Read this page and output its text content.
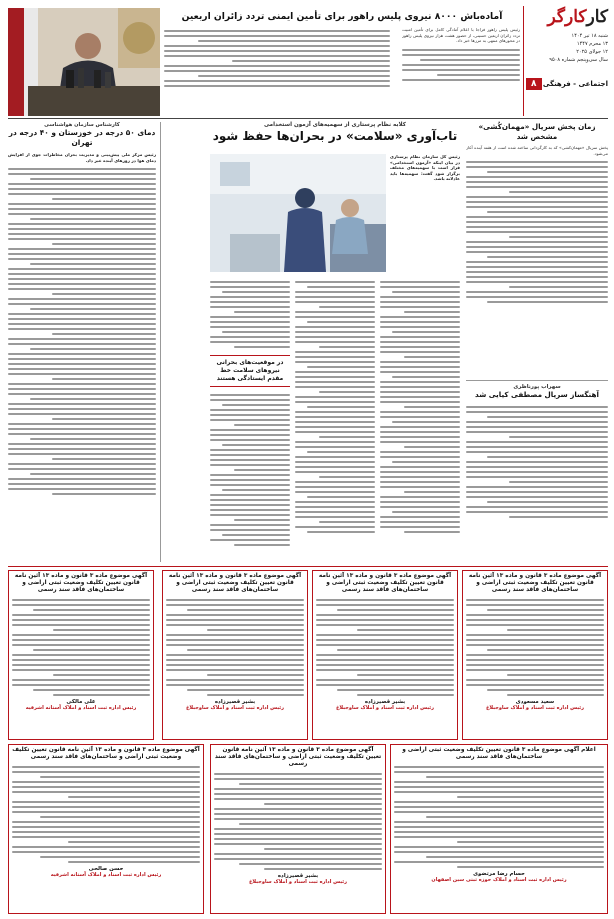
کارکارگر
شنبه ۱۸ تیر ۱۴۰۴
۱۳ محرم ۱۴۴۷
۱۲ جولای ۲۰۲۵
سال سی‌و‌پنجم شماره ۹۵۰۸
اجتماعی - فرهنگی
۸
آماده‌باش ۸۰۰۰ نیروی پلیس راهور برای تأمین ایمنی تردد زائران اربعین
رئیس پلیس راهور فراجا با اعلام آمادگی کامل برای تأمین امنیت تردد زائران اربعین حسینی، از حضور هشت هزار نیروی پلیس راهور در محورهای منتهی به مرزها خبر داد.
زمان پخش سریال «مهمان‌کُشی» مشخص شد
پخش سریال «مهمان‌کشی» که به کارگردانی ساخته شده است از هفته آینده آغاز می‌شود.
سهراب پورناظری
آهنگساز سریال مصطفی کیایی شد
کلابه نظام پرستاری از سهمیه‌های آزمون استخدامی
تاب‌آوری «سلامت» در بحران‌ها حفظ شود
رئیس کل سازمان نظام پرستاری در بیان اینکه «آزمون استخدامی» قرار است با سهمیه‌های مختلف برگزار شود گفت: سهمیه‌ها باید عادلانه باشد.
در موقعیت‌های بحرانی نیروهای سلامت خط مقدم ایستادگی هستند
کارشناس سازمان هواشناسی
دمای ۵۰ درجه در خوزستان و ۴۰ درجه در تهران
رئیس مرکز ملی پیش‌بینی و مدیریت بحران مخاطرات جوی از افزایش دمای هوا در روزهای آینده خبر داد.
آگهی موضوع ماده ۳ قانون و ماده ۱۳ آئین نامه قانون تعیین تکلیف وضعیت ثبتی اراضی و ساختمان‌های فاقد سند رسمی
سعید مسعودی
رئیس اداره ثبت اسناد و املاک ساوجبلاغ
آگهی موضوع ماده ۳ قانون و ماده ۱۳ آئین نامه قانون تعیین تکلیف وضعیت ثبتی اراضی و ساختمان‌های فاقد سند رسمی
بشیر قصیرزاده
رئیس اداره ثبت اسناد و املاک ساوجبلاغ
آگهی موضوع ماده ۳ قانون و ماده ۱۳ آئین نامه قانون تعیین تکلیف وضعیت ثبتی اراضی و ساختمان‌های فاقد سند رسمی
بشیر قصیرزاده
رئیس اداره ثبت اسناد و املاک ساوجبلاغ
آگهی موضوع ماده ۳ قانون و ماده ۱۳ آئین نامه قانون تعیین تکلیف وضعیت ثبتی اراضی و ساختمان‌های فاقد سند رسمی
علی مالکی
رئیس اداره ثبت اسناد و املاک آستانه اشرفیه
اعلام آگهی موضوع ماده ۳ قانون تعیین تکلیف وضعیت ثبتی اراضی و ساختمان‌های فاقد سند رسمی
حسام رضا مرتضوی
رئیس اداره ثبت اسناد و املاک حوزه ثبتی سین اصفهان
آگهی موضوع ماده ۳ قانون و ماده ۱۳ آئین نامه قانون تعیین تکلیف وضعیت ثبتی اراضی و ساختمان‌های فاقد سند رسمی
بشیر قصیرزاده
رئیس اداره ثبت اسناد و املاک ساوجبلاغ
آگهی موضوع ماده ۳ قانون و ماده ۱۳ آئین نامه قانون تعیین تکلیف وضعیت ثبتی اراضی و ساختمان‌های فاقد سند رسمی
حسن صالحی
رئیس اداره ثبت اسناد و املاک آستانه اشرفیه
